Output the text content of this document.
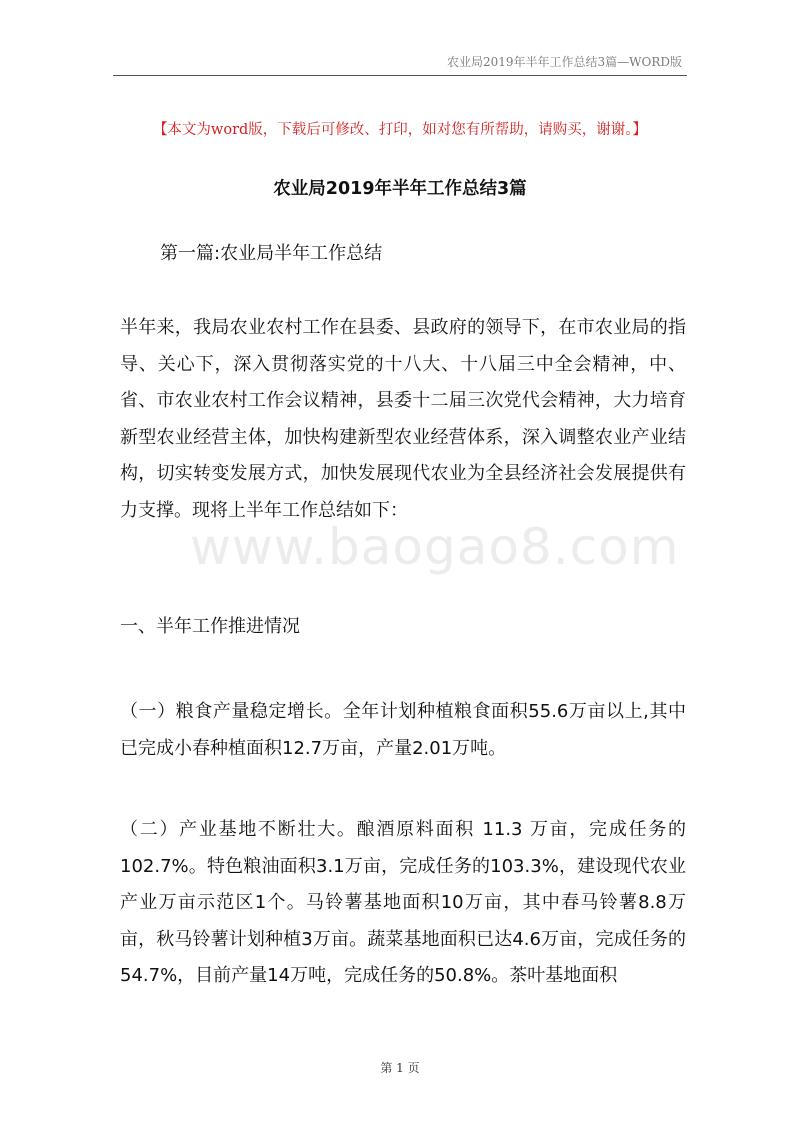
农业局2019年半年工作总结3篇—WORD版
【本文为word版，下载后可修改、打印，如对您有所帮助，请购买，谢谢。】
农业局2019年半年工作总结3篇
第一篇:农业局半年工作总结

半年来，我局农业农村工作在县委、县政府的领导下，在市农业局的指导、关心下，深入贯彻落实党的十八大、十八届三中全会精神，中、省、市农业农村工作会议精神，县委十二届三次党代会精神，大力培育新型农业经营主体，加快构建新型农业经营体系，深入调整农业产业结构，切实转变发展方式，加快发展现代农业为全县经济社会发展提供有力支撑。现将上半年工作总结如下：

www.baogao8.com
一、半年工作推进情况

（一）粮食产量稳定增长。全年计划种植粮食面积55.6万亩以上,其中已完成小春种植面积12.7万亩，产量2.01万吨。

（二）产业基地不断壮大。酿酒原料面积 11.3 万亩，完成任务的102.7%。特色粮油面积3.1万亩，完成任务的103.3%，建设现代农业产业万亩示范区1个。马铃薯基地面积10万亩，其中春马铃薯8.8万亩，秋马铃薯计划种植3万亩。蔬菜基地面积已达4.6万亩，完成任务的54.7%，目前产量14万吨，完成任务的50.8%。茶叶基地面积

第 1 页
